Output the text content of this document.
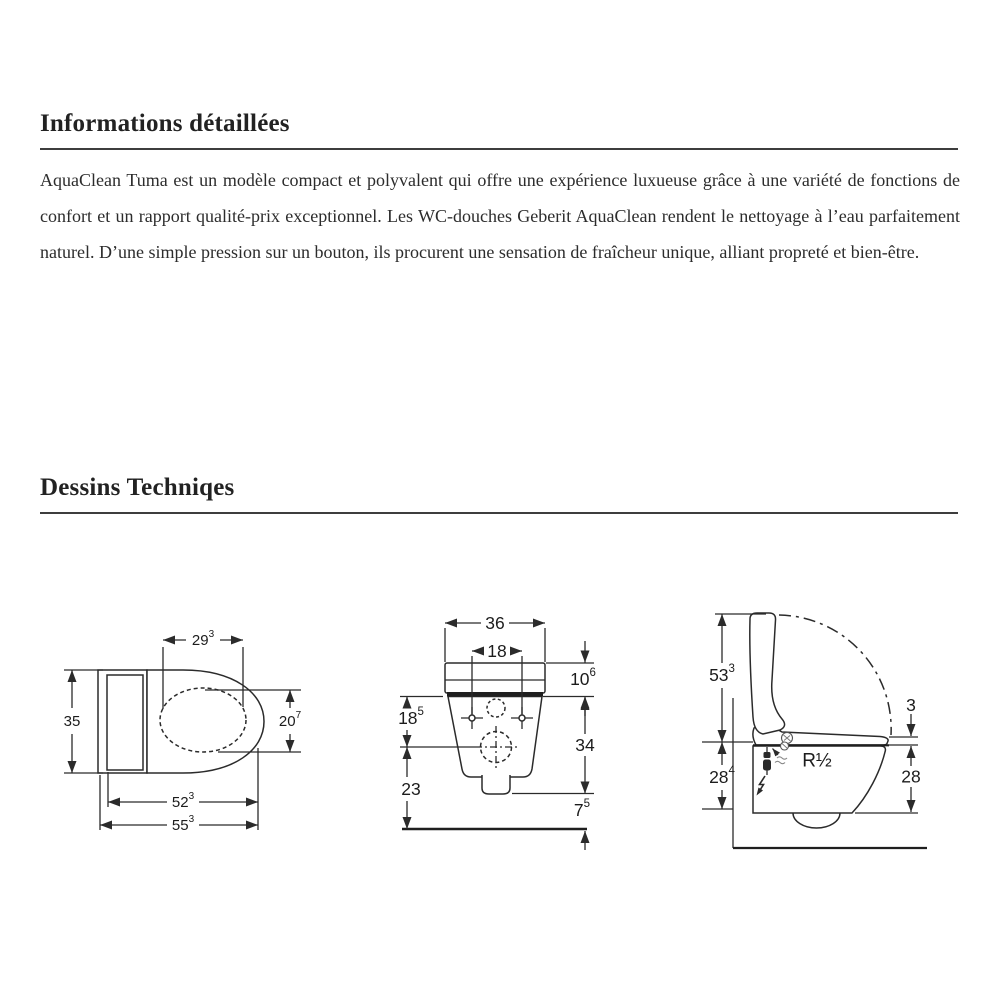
Informations détaillées

AquaClean Tuma est un modèle compact et polyvalent qui offre une expérience luxueuse grâce à une variété de fonctions de confort et un rapport qualité-prix exceptionnel. Les WC-douches Geberit AquaClean rendent le nettoyage à l’eau parfaitement naturel. D’une simple pression sur un bouton, ils procurent une sensation de fraîcheur unique, alliant propreté et bien-être.

Dessins Techniqes
$29^3$
35	$20^7$
$52^3$
$55^3$
36
18
$10^6$
$18^5$
23
34
$7^5$
R½
$53^3$
$28^4$
3
28
